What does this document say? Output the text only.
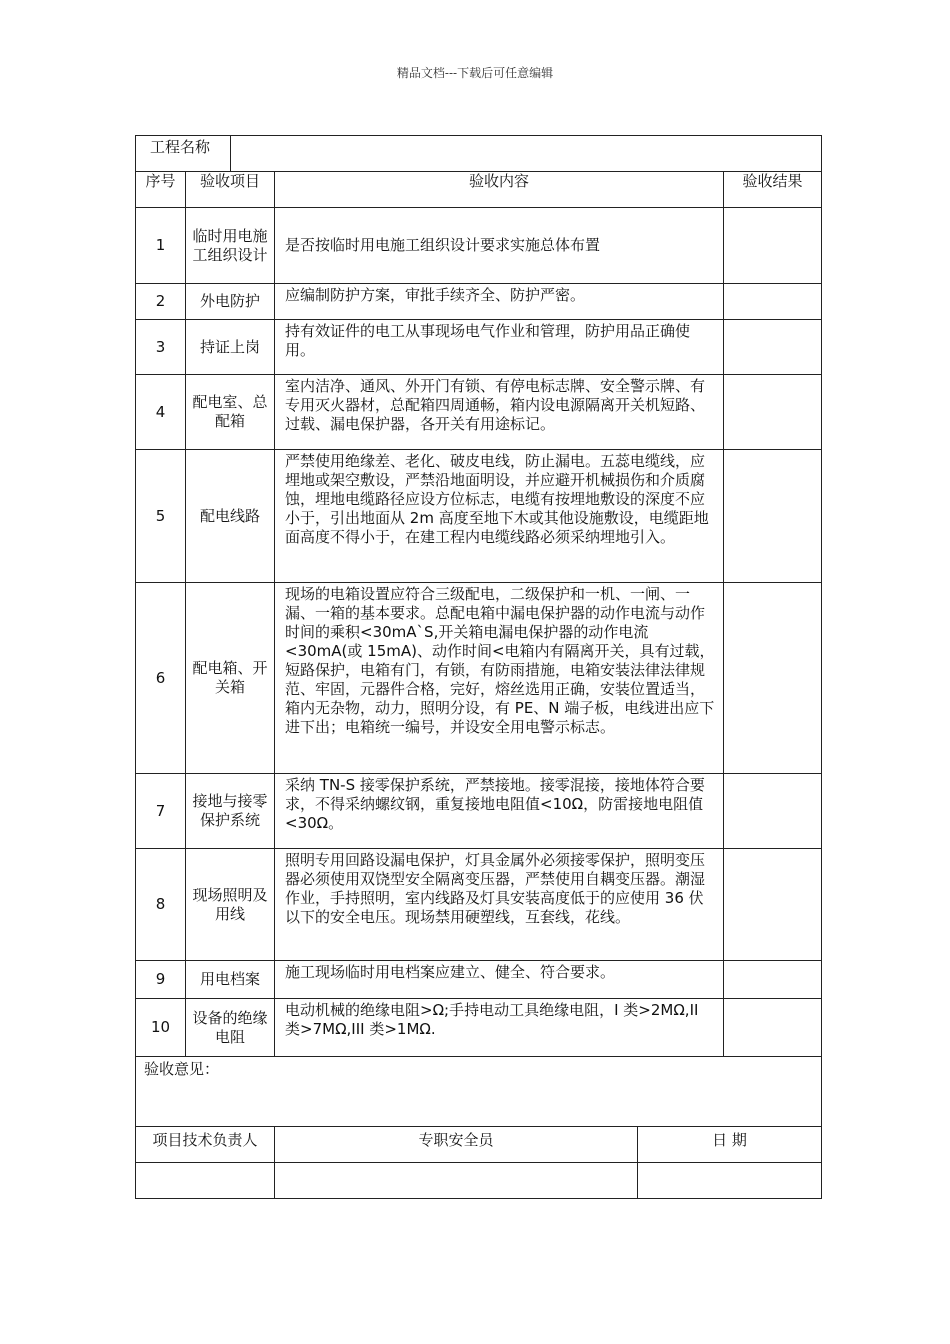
精品文档---下载后可任意编辑
工程名称					
序号	验收项目		验收内容		验收结果
1	临时用电施工组织设计		是否按临时用电施工组织设计要求实施总体布置		
2	外电防护		应编制防护方案，审批手续齐全、防护严密。		
3	持证上岗		持有效证件的电工从事现场电气作业和管理，防护用品正确使用。		
4	配电室、总配箱		室内洁净、通风、外开门有锁、有停电标志牌、安全警示牌、有专用灭火器材，总配箱四周通畅，箱内设电源隔离开关机短路、过载、漏电保护器，各开关有用途标记。		
5	配电线路		严禁使用绝缘差、老化、破皮电线，防止漏电。五蕊电缆线，应埋地或架空敷设，严禁沿地面明设，并应避开机械损伤和介质腐蚀，埋地电缆路径应设方位标志，电缆有按埋地敷设的深度不应小于，引出地面从 2m 高度至地下木或其他设施敷设，电缆距地面高度不得小于，在建工程内电缆线路必须采纳埋地引入。		
6	配电箱、开关箱		现场的电箱设置应符合三级配电，二级保护和一机、一闸、一漏、一箱的基本要求。总配电箱中漏电保护器的动作电流与动作时间的乘积<30mA`S,开关箱电漏电保护器的动作电流<30mA(或 15mA)、动作时间<电箱内有隔离开关，具有过载，短路保护，电箱有门，有锁，有防雨措施，电箱安装法律法律规范、牢固，元器件合格，完好，熔丝选用正确，安装位置适当，箱内无杂物，动力，照明分设，有 PE、N 端子板，电线进出应下进下出；电箱统一编号，并设安全用电警示标志。		
7	接地与接零保护系统		采纳 TN-S 接零保护系统，严禁接地。接零混接，接地体符合要求，不得采纳螺纹钢，重复接地电阻值<10Ω，防雷接地电阻值<30Ω。		
8	现场照明及用线		照明专用回路设漏电保护，灯具金属外必须接零保护，照明变压器必须使用双饶型安全隔离变压器，严禁使用自耦变压器。潮湿作业，手持照明，室内线路及灯具安装高度低于的应使用 36 伏以下的安全电压。现场禁用硬塑线，互套线，花线。		
9	用电档案		施工现场临时用电档案应建立、健全、符合要求。		
10	设备的绝缘电阻		电动机械的绝缘电阻>Ω;手持电动工具绝缘电阻，I 类>2MΩ,II 类>7MΩ,III 类>1MΩ.		
验收意见：					
项目技术负责人			专职安全员	日 期	
